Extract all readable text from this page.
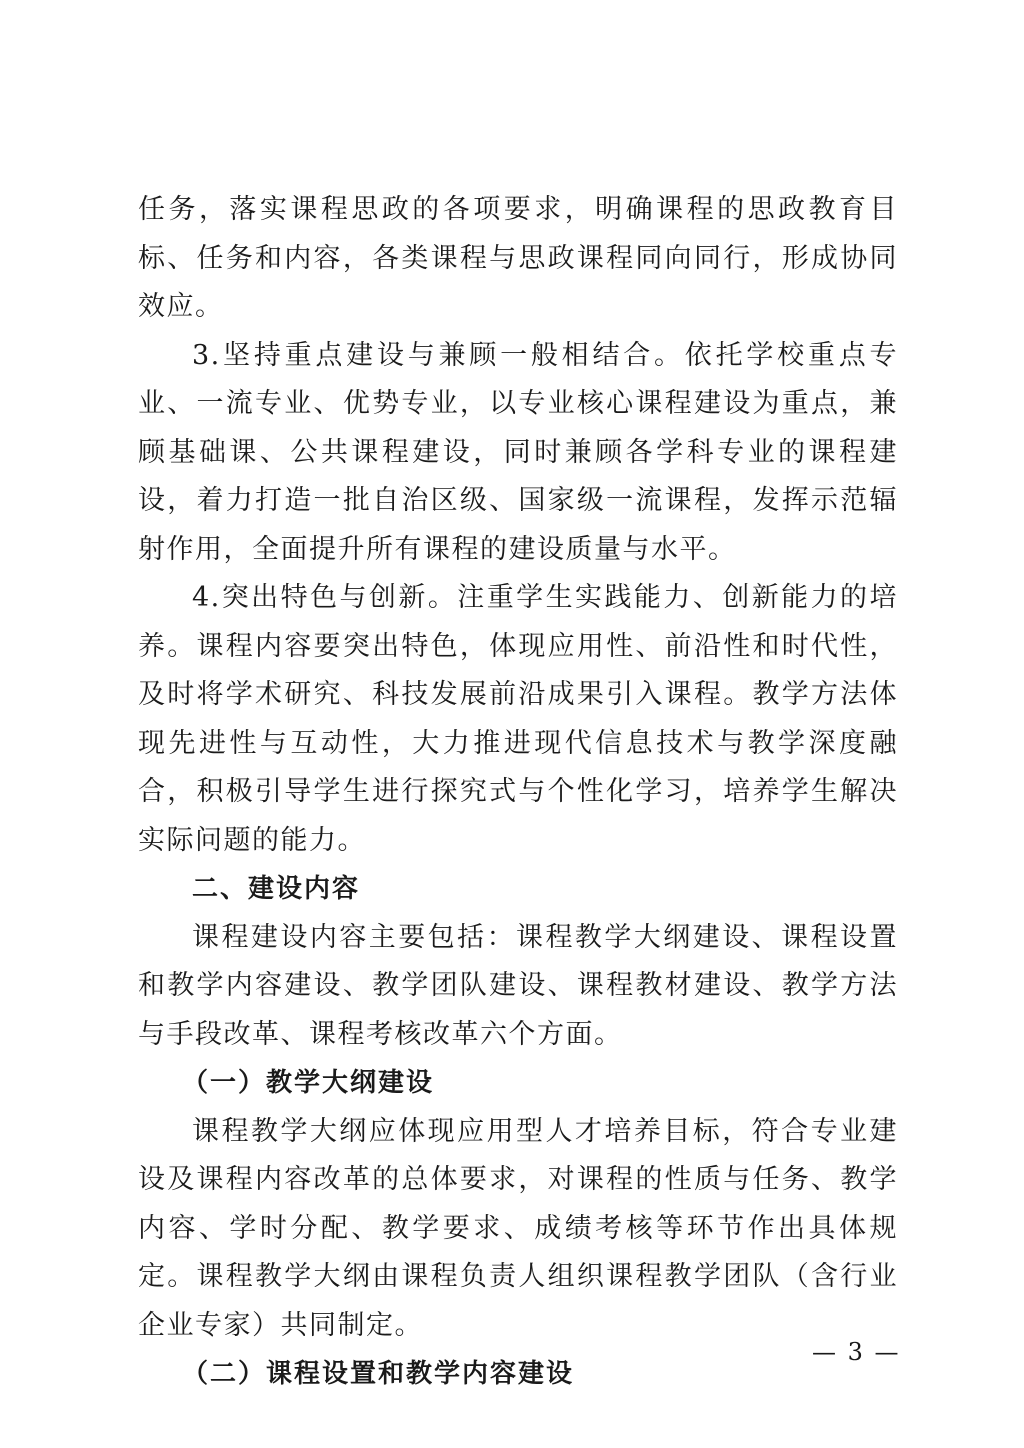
任务，落实课程思政的各项要求，明确课程的思政教育目标、任务和内容，各类课程与思政课程同向同行，形成协同效应。

3.坚持重点建设与兼顾一般相结合。依托学校重点专业、一流专业、优势专业，以专业核心课程建设为重点，兼顾基础课、公共课程建设，同时兼顾各学科专业的课程建设，着力打造一批自治区级、国家级一流课程，发挥示范辐射作用，全面提升所有课程的建设质量与水平。

4.突出特色与创新。注重学生实践能力、创新能力的培养。课程内容要突出特色，体现应用性、前沿性和时代性，及时将学术研究、科技发展前沿成果引入课程。教学方法体现先进性与互动性，大力推进现代信息技术与教学深度融合，积极引导学生进行探究式与个性化学习，培养学生解决实际问题的能力。

二、建设内容

课程建设内容主要包括：课程教学大纲建设、课程设置和教学内容建设、教学团队建设、课程教材建设、教学方法与手段改革、课程考核改革六个方面。

（一）教学大纲建设

课程教学大纲应体现应用型人才培养目标，符合专业建设及课程内容改革的总体要求，对课程的性质与任务、教学内容、学时分配、教学要求、成绩考核等环节作出具体规定。课程教学大纲由课程负责人组织课程教学团队（含行业企业专家）共同制定。

（二）课程设置和教学内容建设
— 3 —
